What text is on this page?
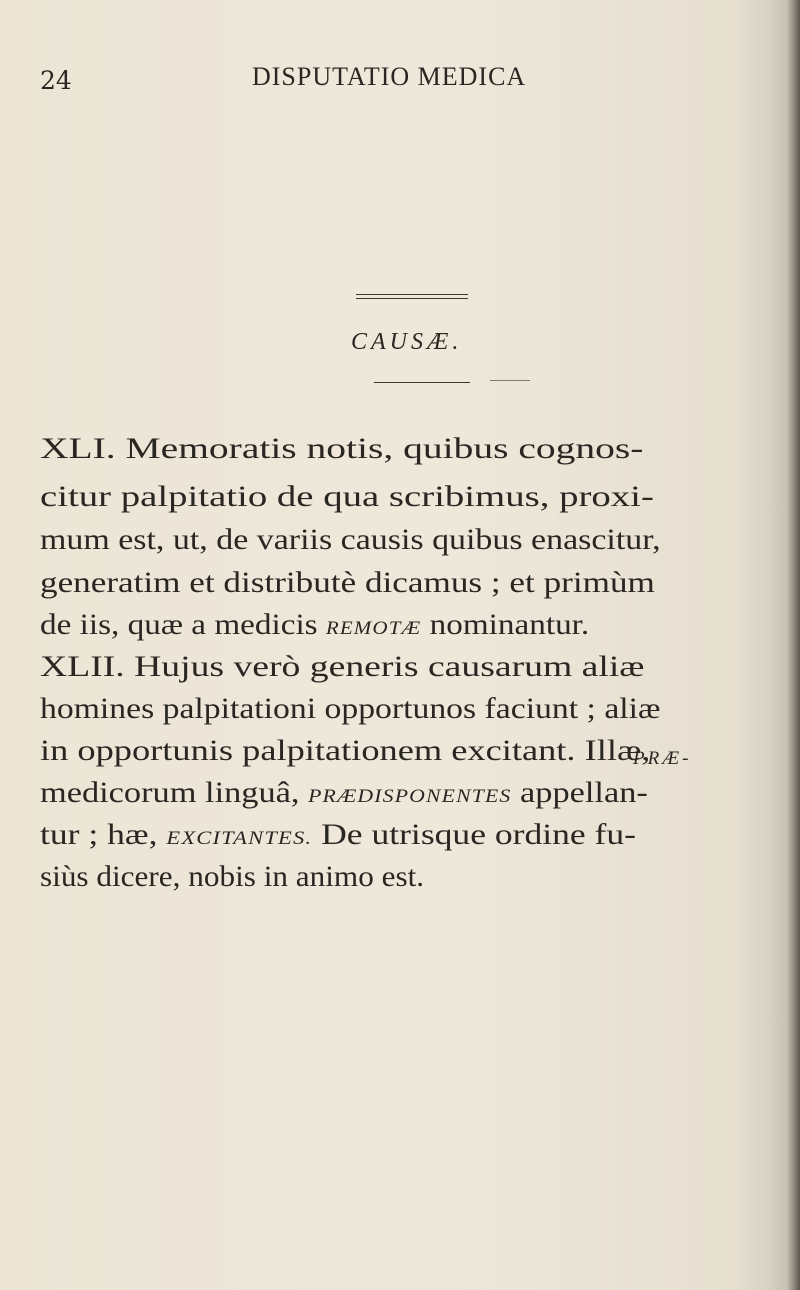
24	DISPUTATIO MEDICA
CAUSÆ.
XLI. Memoratis notis, quibus cognos-
citur palpitatio de qua scribimus, proxi-
mum est, ut, de variis causis quibus enascitur,
generatim et distributè dicamus ; et primùm
de iis, quæ a medicis REMOTÆ nominantur.
XLII. Hujus verò generis causarum aliæ
homines palpitationi opportunos faciunt ; aliæ
in opportunis palpitationem excitant. Illæ,
medicorum linguâ, PRÆDISPONENTES appellan-
tur ; hæ, EXCITANTES. De utrisque ordine fu-
siùs dicere, nobis in animo est.
PRÆ-
